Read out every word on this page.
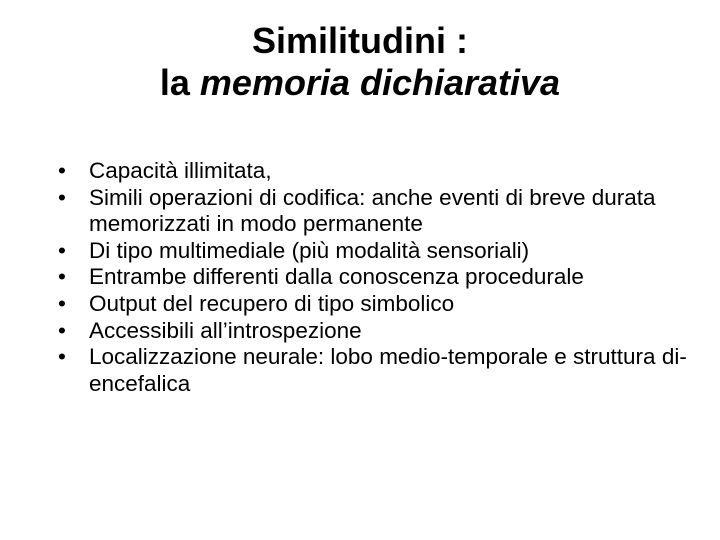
Similitudini :
la memoria dichiarativa
•	Capacità illimitata,
•	Simili operazioni di codifica: anche eventi di breve durata memorizzati in modo permanente
•	Di tipo multimediale (più modalità sensoriali)
•	Entrambe differenti dalla conoscenza procedurale
•	Output del recupero di tipo simbolico
•	Accessibili all’introspezione
•	Localizzazione neurale: lobo medio-temporale e struttura di-encefalica
